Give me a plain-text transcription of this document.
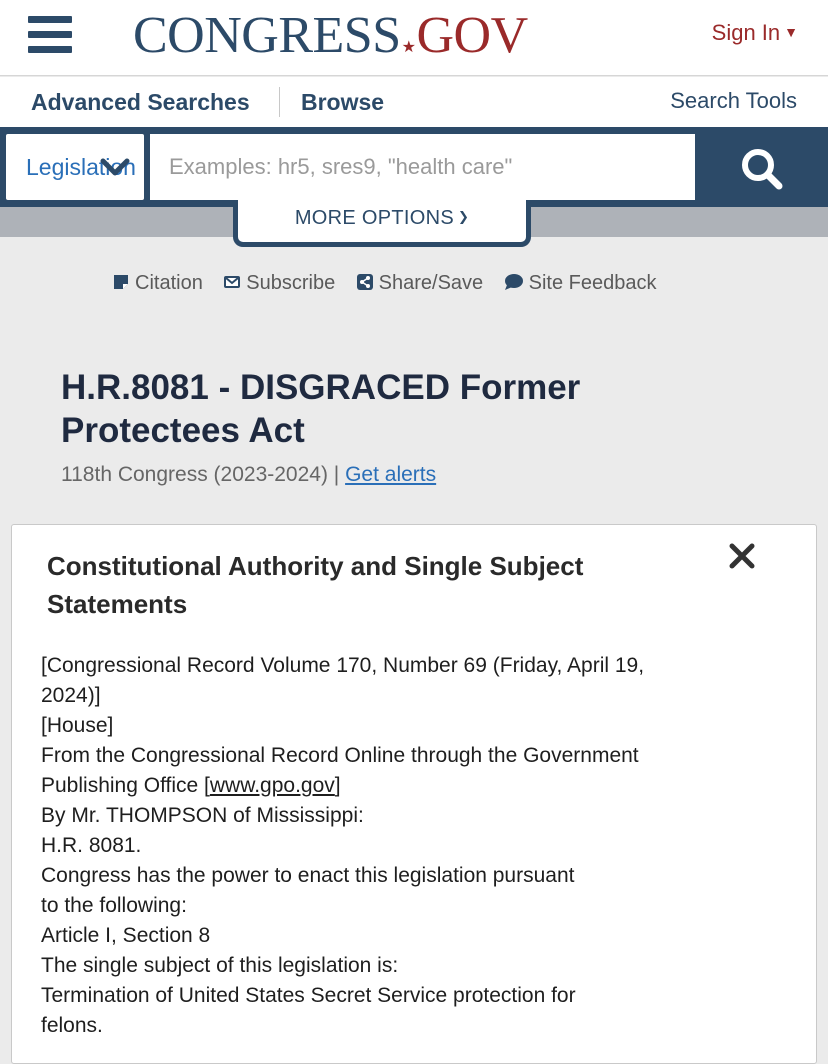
CONGRESS★GOV	Sign In ▼
Advanced Searches Browse	Search Tools
Legislation
Examples: hr5, sres9, "health care"
MORE OPTIONS ❯
Citation Subscribe Share/Save Site Feedback
H.R.8081 - DISGRACED Former Protectees Act
118th Congress (2023-2024) | Get alerts
Constitutional Authority and Single Subject Statements
[Congressional Record Volume 170, Number 69 (Friday, April 19,
2024)]
[House]
From the Congressional Record Online through the Government
Publishing Office [www.gpo.gov]
By Mr. THOMPSON of Mississippi:
H.R. 8081.
Congress has the power to enact this legislation pursuant
to the following:
Article I, Section 8
The single subject of this legislation is:
Termination of United States Secret Service protection for
felons.
